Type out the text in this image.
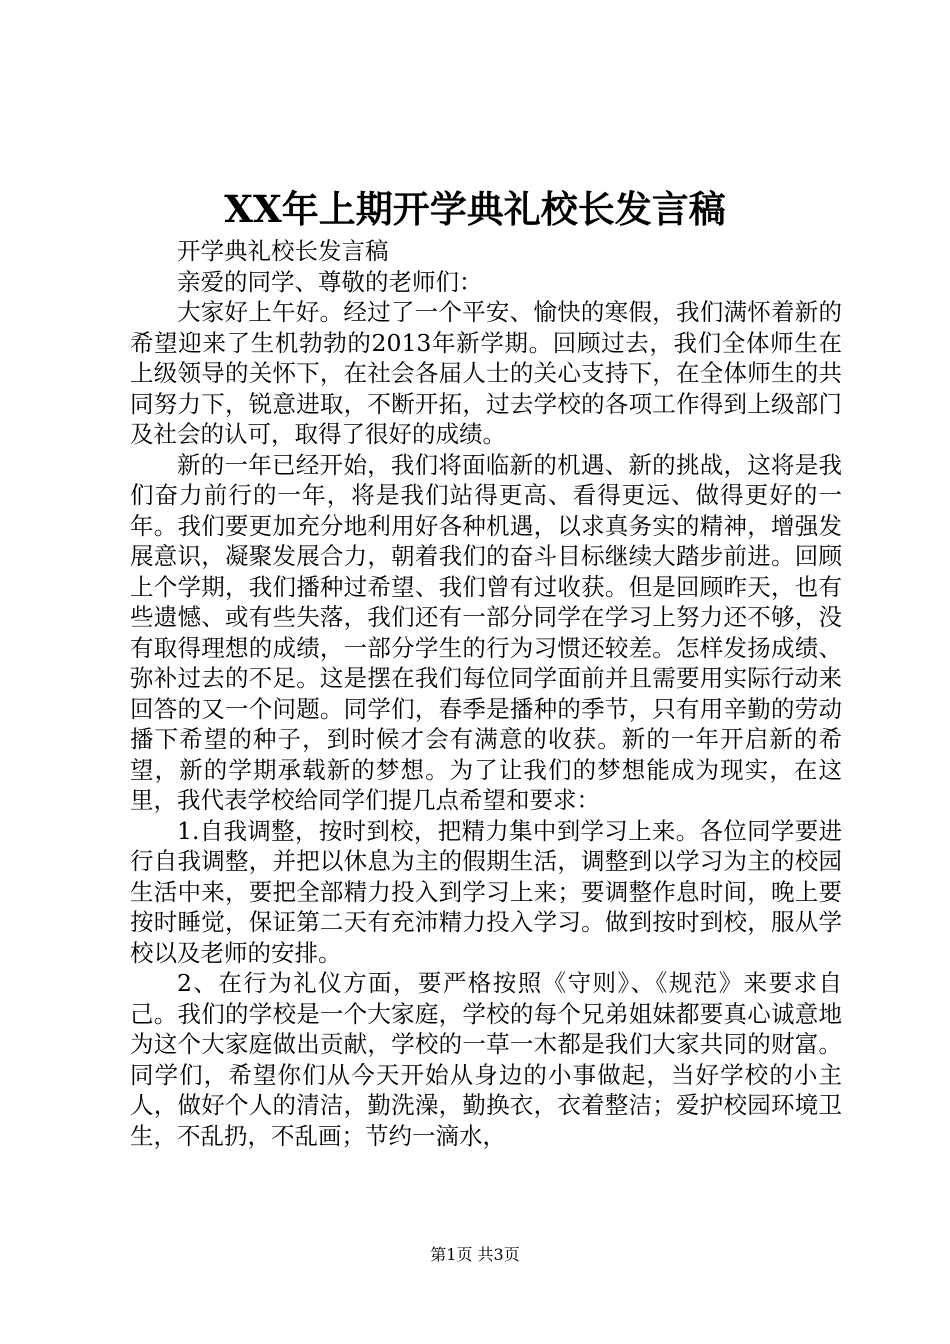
XX年上期开学典礼校长发言稿

开学典礼校长发言稿

亲爱的同学、尊敬的老师们：

大家好上午好。经过了一个平安、愉快的寒假，我们满怀着新的希望迎来了生机勃勃的2013年新学期。回顾过去，我们全体师生在上级领导的关怀下，在社会各届人士的关心支持下，在全体师生的共同努力下，锐意进取，不断开拓，过去学校的各项工作得到上级部门及社会的认可，取得了很好的成绩。

新的一年已经开始，我们将面临新的机遇、新的挑战，这将是我们奋力前行的一年，将是我们站得更高、看得更远、做得更好的一年。我们要更加充分地利用好各种机遇，以求真务实的精神，增强发展意识，凝聚发展合力，朝着我们的奋斗目标继续大踏步前进。回顾上个学期，我们播种过希望、我们曾有过收获。但是回顾昨天，也有些遗憾、或有些失落，我们还有一部分同学在学习上努力还不够，没有取得理想的成绩，一部分学生的行为习惯还较差。怎样发扬成绩、弥补过去的不足。这是摆在我们每位同学面前并且需要用实际行动来回答的又一个问题。同学们，春季是播种的季节，只有用辛勤的劳动播下希望的种子，到时候才会有满意的收获。新的一年开启新的希望，新的学期承载新的梦想。为了让我们的梦想能成为现实，在这里，我代表学校给同学们提几点希望和要求：

1.自我调整，按时到校，把精力集中到学习上来。各位同学要进行自我调整，并把以休息为主的假期生活，调整到以学习为主的校园生活中来，要把全部精力投入到学习上来；要调整作息时间，晚上要按时睡觉，保证第二天有充沛精力投入学习。做到按时到校，服从学校以及老师的安排。

2、在行为礼仪方面，要严格按照《守则》、《规范》来要求自己。我们的学校是一个大家庭，学校的每个兄弟姐妹都要真心诚意地为这个大家庭做出贡献，学校的一草一木都是我们大家共同的财富。同学们，希望你们从今天开始从身边的小事做起，当好学校的小主人，做好个人的清洁，勤洗澡，勤换衣，衣着整洁；爱护校园环境卫生，不乱扔，不乱画；节约一滴水，

第1页 共3页
